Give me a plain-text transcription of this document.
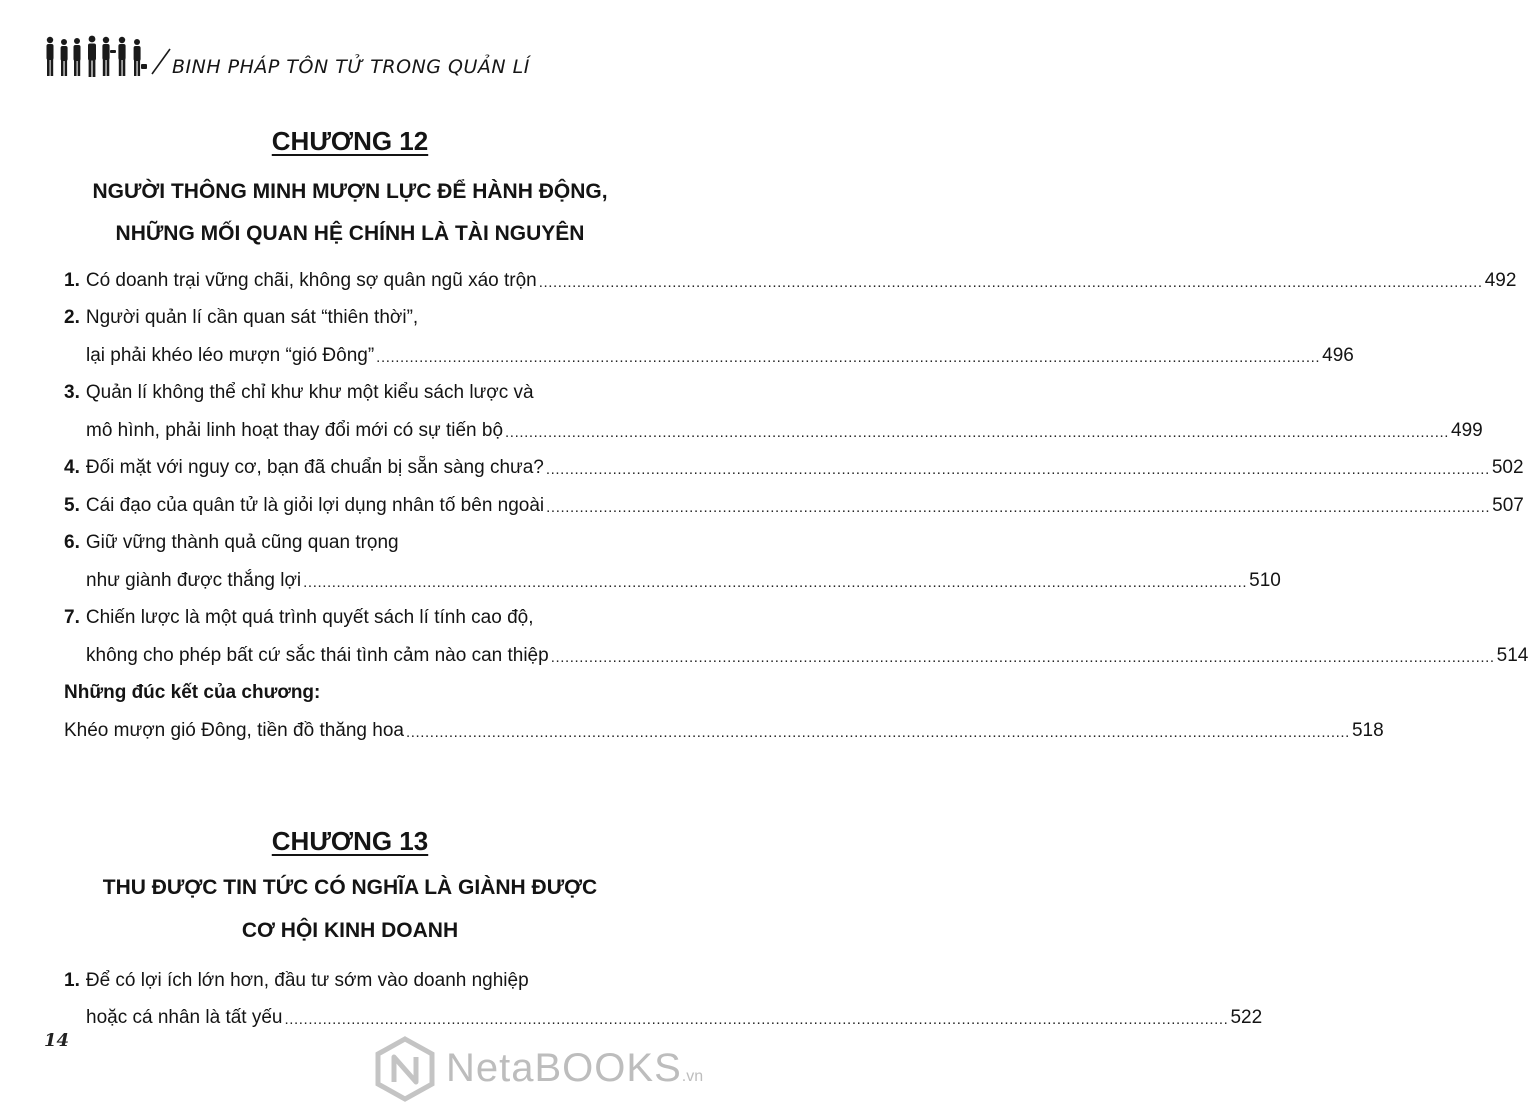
BINH PHÁP TÔN TỬ TRONG QUẢN LÍ
CHƯƠNG 12
NGƯỜI THÔNG MINH MƯỢN LỰC ĐỂ HÀNH ĐỘNG,
NHỮNG MỐI QUAN HỆ CHÍNH LÀ TÀI NGUYÊN
1. Có doanh trại vững chãi, không sợ quân ngũ xáo trộn .....	492
2. Người quản lí cần quan sát “thiên thời”,
lại phải khéo léo mượn “gió Đông” .....	496
3. Quản lí không thể chỉ khư khư một kiểu sách lược và
mô hình, phải linh hoạt thay đổi mới có sự tiến bộ .....	499
4. Đối mặt với nguy cơ, bạn đã chuẩn bị sẵn sàng chưa? .....	502
5. Cái đạo của quân tử là giỏi lợi dụng nhân tố bên ngoài .....	507
6. Giữ vững thành quả cũng quan trọng
như giành được thắng lợi .....	510
7. Chiến lược là một quá trình quyết sách lí tính cao độ,
không cho phép bất cứ sắc thái tình cảm nào can thiệp .....	514
Những đúc kết của chương:
Khéo mượn gió Đông, tiền đồ thăng hoa .....	518
CHƯƠNG 13
THU ĐƯỢC TIN TỨC CÓ NGHĨA LÀ GIÀNH ĐƯỢC
CƠ HỘI KINH DOANH
1. Để có lợi ích lớn hơn, đầu tư sớm vào doanh nghiệp
hoặc cá nhân là tất yếu .....	522
14
NetaBOOKS.vn
